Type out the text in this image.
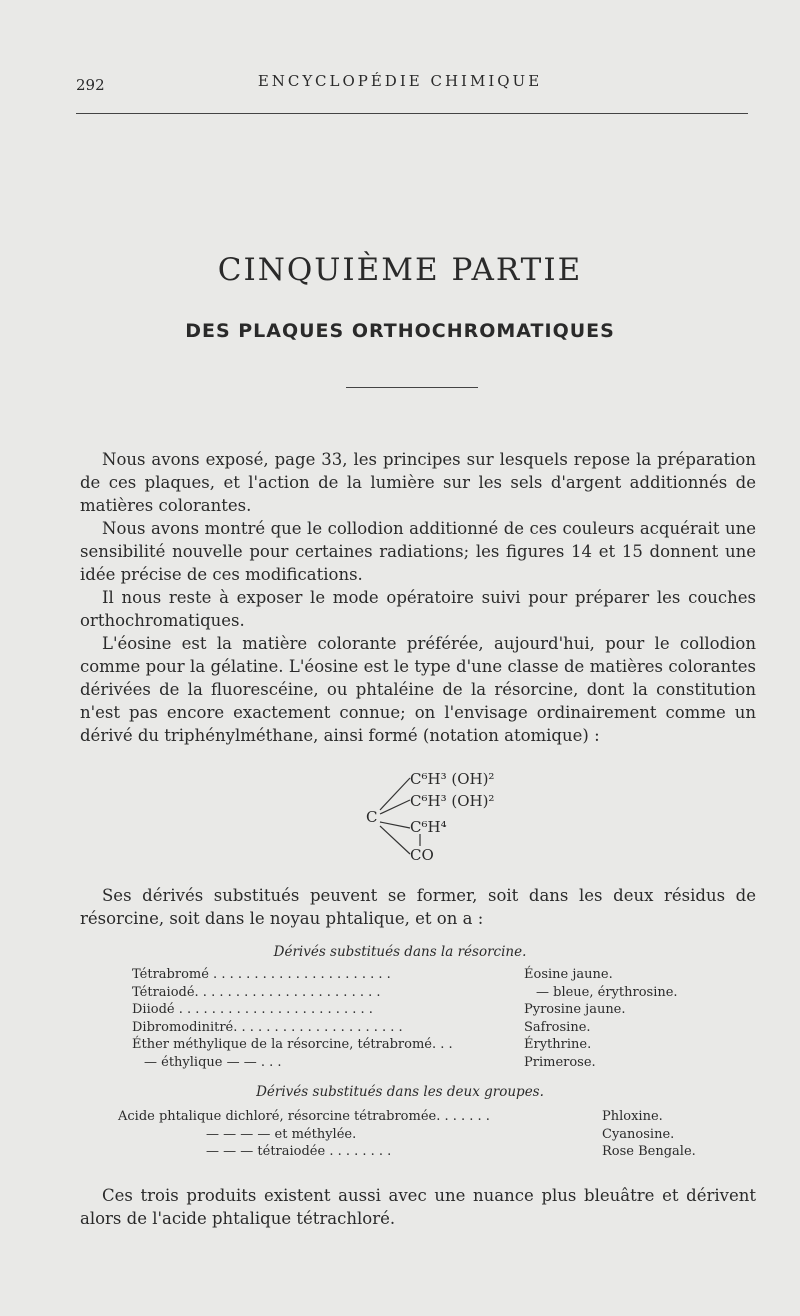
292	ENCYCLOPÉDIE CHIMIQUE
CINQUIÈME PARTIE
DES PLAQUES ORTHOCHROMATIQUES

Nous avons exposé, page 33, les principes sur lesquels repose la préparation de ces plaques, et l'action de la lumière sur les sels d'argent additionnés de matières colorantes.

Nous avons montré que le collodion additionné de ces couleurs acquérait une sensibilité nouvelle pour certaines radiations; les figures 14 et 15 donnent une idée précise de ces modifications.

Il nous reste à exposer le mode opératoire suivi pour préparer les couches orthochromatiques.

L'éosine est la matière colorante préférée, aujourd'hui, pour le collodion comme pour la gélatine. L'éosine est le type d'une classe de matières colorantes dérivées de la fluorescéine, ou phtaléine de la résorcine, dont la constitution n'est pas encore exactement connue; on l'envisage ordinairement comme un dérivé du triphénylméthane, ainsi formé (notation atomique) :

C
C⁶H³ (OH)²
C⁶H³ (OH)²
C⁶H⁴
CO

Ses dérivés substitués peuvent se former, soit dans les deux résidus de résorcine, soit dans le noyau phtalique, et on a :

Dérivés substitués dans la résorcine.
Tétrabromé . . . . . . . . . . . . . . . . . . . . . .	Éosine jaune.
Tétraiodé. . . . . . . . . . . . . . . . . . . . . . .	— bleue, érythrosine.
Diiodé . . . . . . . . . . . . . . . . . . . . . . . .	Pyrosine jaune.
Dibromodinitré. . . . . . . . . . . . . . . . . . . . .	Safrosine.
Éther méthylique de la résorcine, tétrabromé. . .	Érythrine.
— éthylique — — . . .	Primerose.
Dérivés substitués dans les deux groupes.
Acide phtalique dichloré, résorcine tétrabromée. . . . . . .	Phloxine.
— — — — et méthylée.	Cyanosine.
— — — tétraiodée . . . . . . . .	Rose Bengale.

Ces trois produits existent aussi avec une nuance plus bleuâtre et dérivent alors de l'acide phtalique tétrachloré.
